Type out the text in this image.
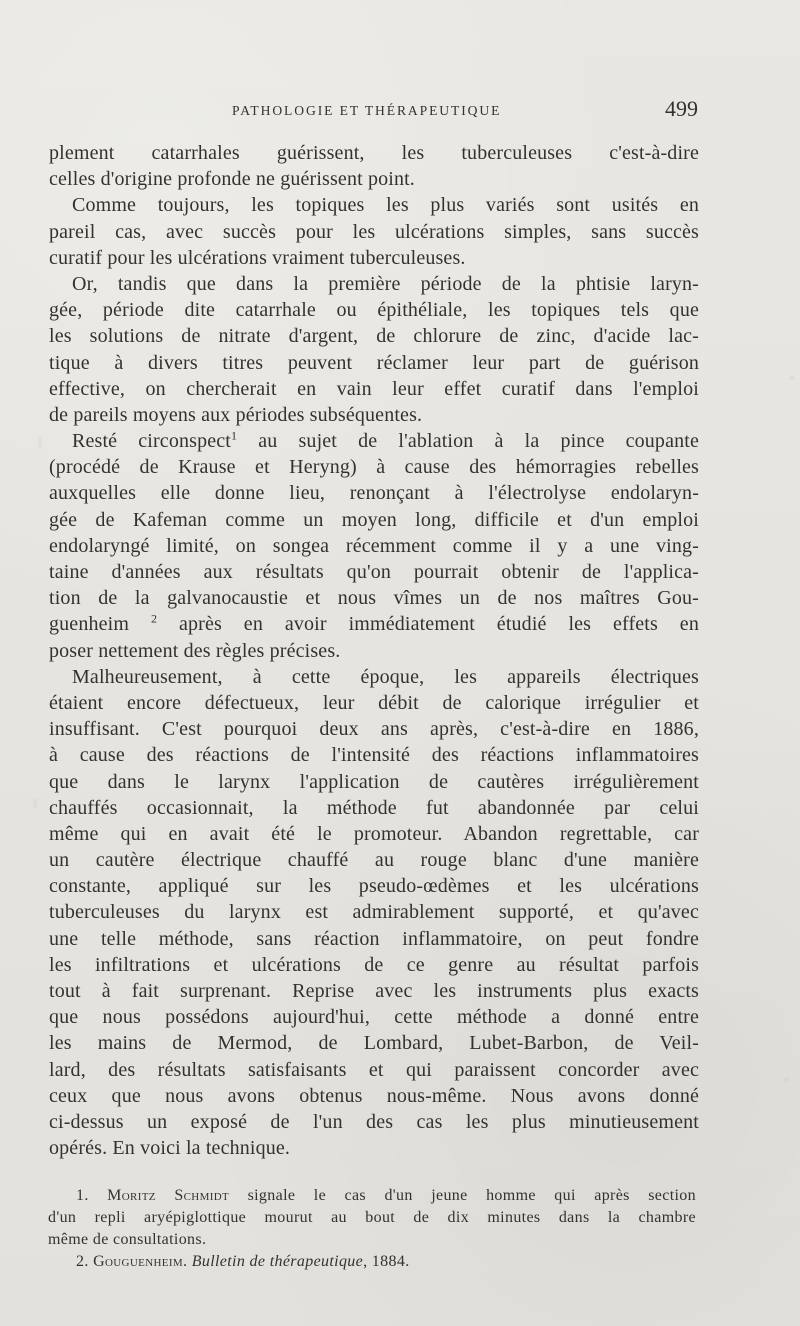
PATHOLOGIE ET THÉRAPEUTIQUE	499
plement catarrhales guérissent, les tuberculeuses c'est-à-dire
celles d'origine profonde ne guérissent point.
Comme toujours, les topiques les plus variés sont usités en
pareil cas, avec succès pour les ulcérations simples, sans succès
curatif pour les ulcérations vraiment tuberculeuses.
Or, tandis que dans la première période de la phtisie laryn-
gée, période dite catarrhale ou épithéliale, les topiques tels que
les solutions de nitrate d'argent, de chlorure de zinc, d'acide lac-
tique à divers titres peuvent réclamer leur part de guérison
effective, on chercherait en vain leur effet curatif dans l'emploi
de pareils moyens aux périodes subséquentes.
Resté circonspect$^1$ au sujet de l'ablation à la pince coupante
(procédé de Krause et Heryng) à cause des hémorragies rebelles
auxquelles elle donne lieu, renonçant à l'électrolyse endolaryn-
gée de Kafeman comme un moyen long, difficile et d'un emploi
endolaryngé limité, on songea récemment comme il y a une ving-
taine d'années aux résultats qu'on pourrait obtenir de l'applica-
tion de la galvanocaustie et nous vîmes un de nos maîtres Gou-
guenheim $^2$ après en avoir immédiatement étudié les effets en
poser nettement des règles précises.
Malheureusement, à cette époque, les appareils électriques
étaient encore défectueux, leur débit de calorique irrégulier et
insuffisant. C'est pourquoi deux ans après, c'est-à-dire en 1886,
à cause des réactions de l'intensité des réactions inflammatoires
que dans le larynx l'application de cautères irrégulièrement
chauffés occasionnait, la méthode fut abandonnée par celui
même qui en avait été le promoteur. Abandon regrettable, car
un cautère électrique chauffé au rouge blanc d'une manière
constante, appliqué sur les pseudo-œdèmes et les ulcérations
tuberculeuses du larynx est admirablement supporté, et qu'avec
une telle méthode, sans réaction inflammatoire, on peut fondre
les infiltrations et ulcérations de ce genre au résultat parfois
tout à fait surprenant. Reprise avec les instruments plus exacts
que nous possédons aujourd'hui, cette méthode a donné entre
les mains de Mermod, de Lombard, Lubet-Barbon, de Veil-
lard, des résultats satisfaisants et qui paraissent concorder avec
ceux que nous avons obtenus nous-même. Nous avons donné
ci-dessus un exposé de l'un des cas les plus minutieusement
opérés. En voici la technique.
1. Moritz Schmidt signale le cas d'un jeune homme qui après section
d'un repli aryépiglottique mourut au bout de dix minutes dans la chambre
même de consultations.
2. Gouguenheim. Bulletin de thérapeutique, 1884.
